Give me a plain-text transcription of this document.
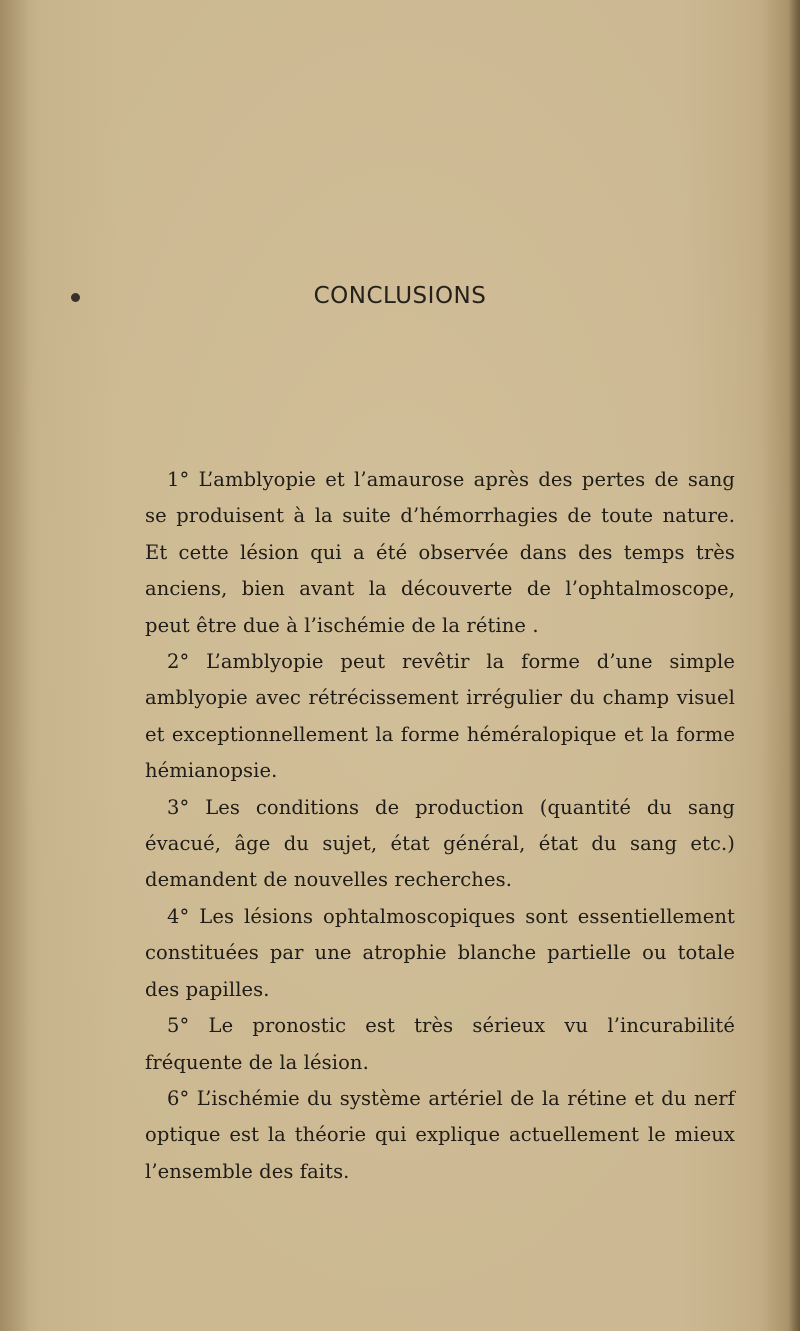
CONCLUSIONS

1° L’amblyopie et l’amaurose après des pertes de sang se produisent à la suite d’hémorrhagies de toute nature. Et cette lésion qui a été observée dans des temps très anciens, bien avant la découverte de l’ophtalmoscope, peut être due à l’ischémie de la rétine .

2° L’amblyopie peut revêtir la forme d’une simple amblyopie avec rétrécissement irrégulier du champ visuel et exceptionnellement la forme héméralopique et la forme hémianopsie.

3° Les conditions de production (quantité du sang évacué, âge du sujet, état général, état du sang etc.) demandent de nouvelles recherches.

4° Les lésions ophtalmoscopiques sont essentiellement constituées par une atrophie blanche partielle ou totale des papilles.

5° Le pronostic est très sérieux vu l’incurabilité fréquente de la lésion.

6° L’ischémie du système artériel de la rétine et du nerf optique est la théorie qui explique actuellement le mieux l’ensemble des faits.
